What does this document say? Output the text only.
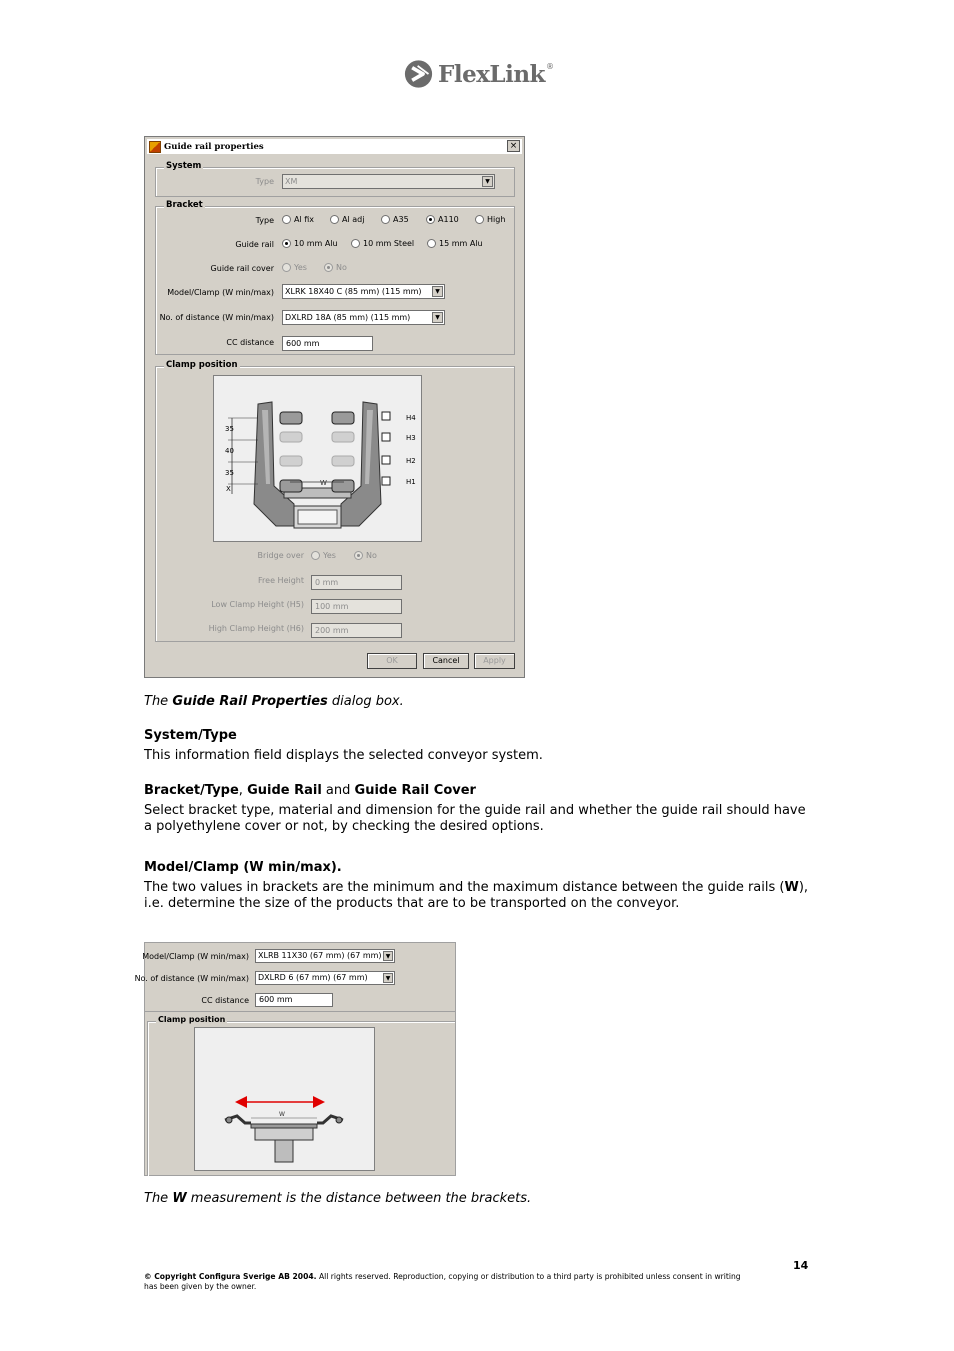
FlexLink ®
Guide rail properties	×
System
Type	XM	▼
Bracket
Type	Al fix	Al adj	A35	A110	High
Guide rail	10 mm Alu	10 mm Steel	15 mm Alu
Guide rail cover	Yes	No
Model/Clamp (W min/max)	XLRK 18X40 C (85 mm) (115 mm)	▼
No. of distance (W min/max)	DXLRD 18A (85 mm) (115 mm)	▼
CC distance	600 mm
Clamp position
35
40
35
X
H4
H3
H2
H1
W
Bridge over Yes	No
Free Height	0 mm
Low Clamp Height (H5)	100 mm
High Clamp Height (H6)	200 mm
OK	Cancel	Apply
The Guide Rail Properties dialog box.
System/Type
This information field displays the selected conveyor system.
Bracket/Type, Guide Rail and Guide Rail Cover
Select bracket type, material and dimension for the guide rail and whether the guide rail should have a polyethylene cover or not, by checking the desired options.
Model/Clamp (W min/max).
The two values in brackets are the minimum and the maximum distance between the guide rails (W), i.e. determine the size of the products that are to be transported on the conveyor.
Model/Clamp (W min/max)	XLRB 11X30 (67 mm) (67 mm) ▼
No. of distance (W min/max)	DXLRD 6 (67 mm) (67 mm)	▼
CC distance	600 mm
Clamp position
W
The W measurement is the distance between the brackets.
14
© Copyright Configura Sverige AB 2004. All rights reserved. Reproduction, copying or distribution to a third party is prohibited unless consent in writing has been given by the owner.
